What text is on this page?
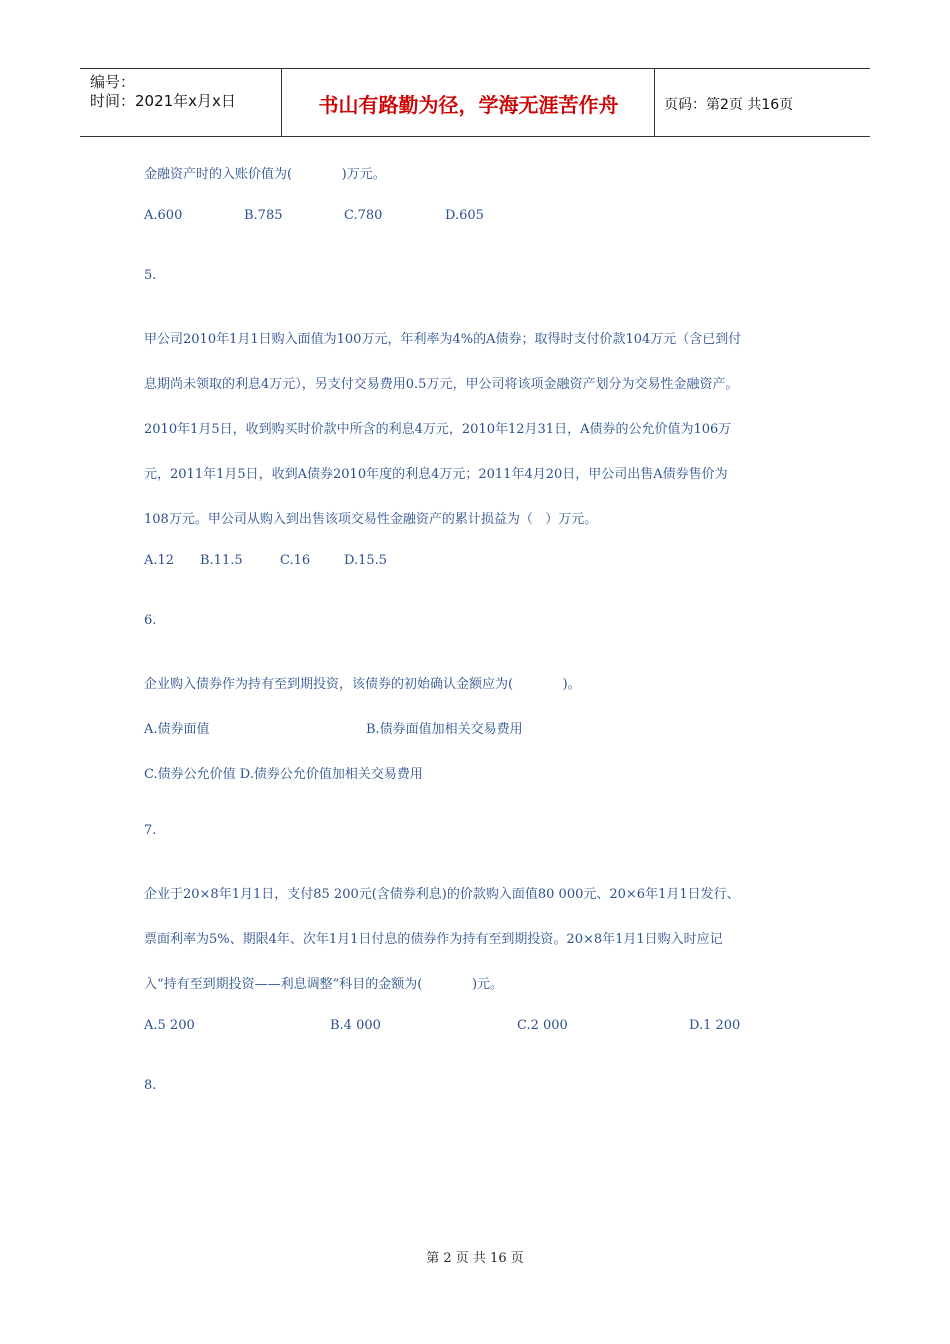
编号：
时间：2021年x月x日	书山有路勤为径，学海无涯苦作舟	页码：第2页 共16页
金融资产时的入账价值为(            )万元。
A.600	B.785	C.780	D.605
5.
甲公司2010年1月1日购入面值为100万元，年利率为4%的A债券；取得时支付价款104万元（含已到付
息期尚未领取的利息4万元），另支付交易费用0.5万元，甲公司将该项金融资产划分为交易性金融资产。
2010年1月5日，收到购买时价款中所含的利息4万元，2010年12月31日，A债券的公允价值为106万
元，2011年1月5日，收到A债券2010年度的利息4万元；2011年4月20日，甲公司出售A债券售价为
108万元。甲公司从购入到出售该项交易性金融资产的累计损益为（   ）万元。
A.12 B.11.5	C.16	D.15.5
6.
企业购入债券作为持有至到期投资，该债券的初始确认金额应为(            )。
A.债券面值	B.债券面值加相关交易费用
C.债券公允价值 D.债券公允价值加相关交易费用
7.
企业于20×8年1月1日，支付85 200元(含债券利息)的价款购入面值80 000元、20×6年1月1日发行、
票面利率为5%、期限4年、次年1月1日付息的债券作为持有至到期投资。20×8年1月1日购入时应记
入“持有至到期投资——利息调整”科目的金额为(            )元。
A.5 200	B.4 000	C.2 000	D.1 200
8.
第 2 页 共 16 页
